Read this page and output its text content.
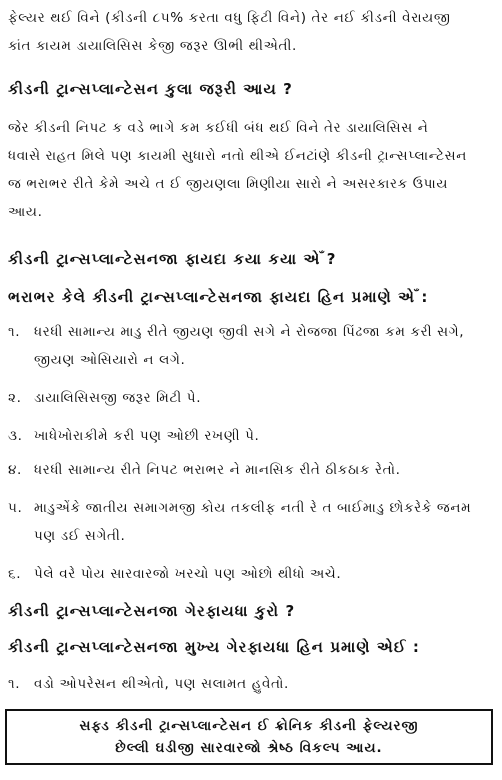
ફેલ્યર થઈ વિને (કીડની ૮૫% કરતા વધુ ફિટી વિને) તેર નઈ કીડની વેરાયજી
કાંત કાયમ ડાયાલિસિસ કેજી જરૂર ઊભી થીએતી.
કીડની ટ્રાન્સપ્લાન્ટેસન કુલા જરૂરી આય ?
જેર કીડની નિપટ ક વડે ભાગે કમ કઈધી બંધ થઈ વિને તેર ડાયાલિસિસ ને
ધવાસે રાહત મિલે પણ કાયમી સુધારો નતો થીએ ઈનટાંણે કીડની ટ્રાન્સપ્લાન્ટેસન
જ ભરાભર રીતે કેમે અચે ત ઈ જીયણલા મિણીયા સારો ને અસરકારક ઉપાય
આય.
કીડની ટ્રાન્સપ્લાન્ટેસનજા ફાયદા કયા કયા એઁ ?
ભરાભર કેલે કીડની ટ્રાન્સપ્લાન્ટેસનજા ફાયદા હિન પ્રમાણે એઁ :
૧. ધરધી સામાન્ય માડુ રીતે જીયણ જીવી સગે ને રોજજા પિંઢજા કમ કરી સગે,
જીયણ ઓસિયારો ન લગે.
૨. ડાયાલિસિસજી જરૂર મિટી પે.
૩. ખાધેખોરાકીમે કરી પણ ઓછી રખણી પે.
૪. ધરધી સામાન્ય રીતે નિપટ ભરાભર ને માનસિક રીતે ઠીકઠાક રેતો.
૫. માડુએંકે જાતીય સમાગમજી કોય તકલીફ નતી રે ત બાઈમાડુ છોકરેકે જનમ
પણ ડઈ સગેતી.
૬. પેલે વરે પોય સારવારજો ખરચો પણ ઓછો થીધો અચે.
કીડની ટ્રાન્સપ્લાન્ટેસનજા ગેરફાયધા કુરો ?
કીડની ટ્રાન્સપ્લાન્ટેસનજા મુખ્ય ગેરફાયધા હિન પ્રમાણે એઈ :
૧. વડો ઓપરેસન થીએતો, પણ સલામત હુવેતો.
સફ્ડ કીડની ટ્રાન્સપ્લાન્ટેસન ઈ ક્રોનિક કીડની ફેલ્યરજી
છેલ્લી ઘડીજી સારવારજો શ્રેષ્ઠ વિકલ્પ આય.
